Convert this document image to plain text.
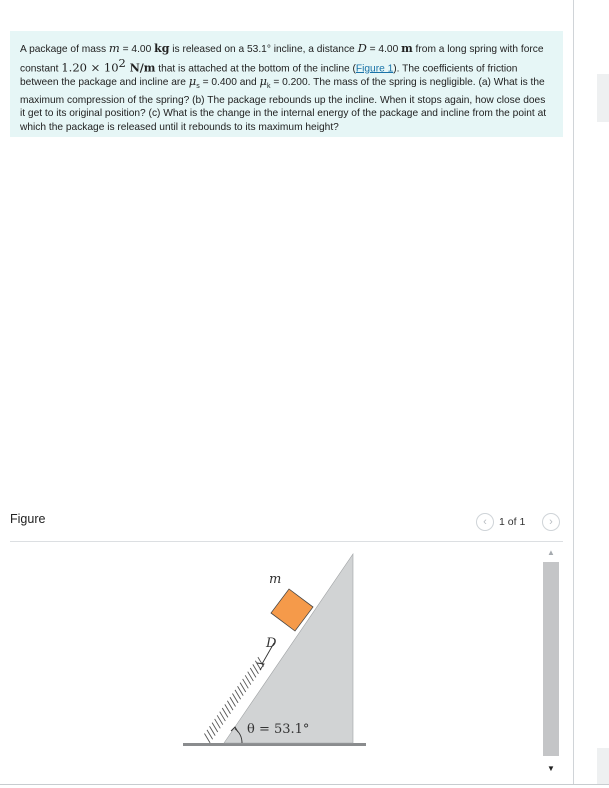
A package of mass m = 4.00 kg is released on a 53.1° incline, a distance D = 4.00 m from a long spring with force constant $1.20 \times 10^2$ N/m that is attached at the bottom of the incline (Figure 1). The coefficients of friction between the package and incline are $\mu_s = 0.400$ and $\mu_k = 0.200$. The mass of the spring is negligible. (a) What is the maximum compression of the spring? (b) The package rebounds up the incline. When it stops again, how close does it get to its original position? (c) What is the change in the internal energy of the package and incline from the point at which the package is released until it rebounds to its maximum height?
Figure	‹ 1 of 1 ›
m
D
θ = 53.1°
▲
▼
